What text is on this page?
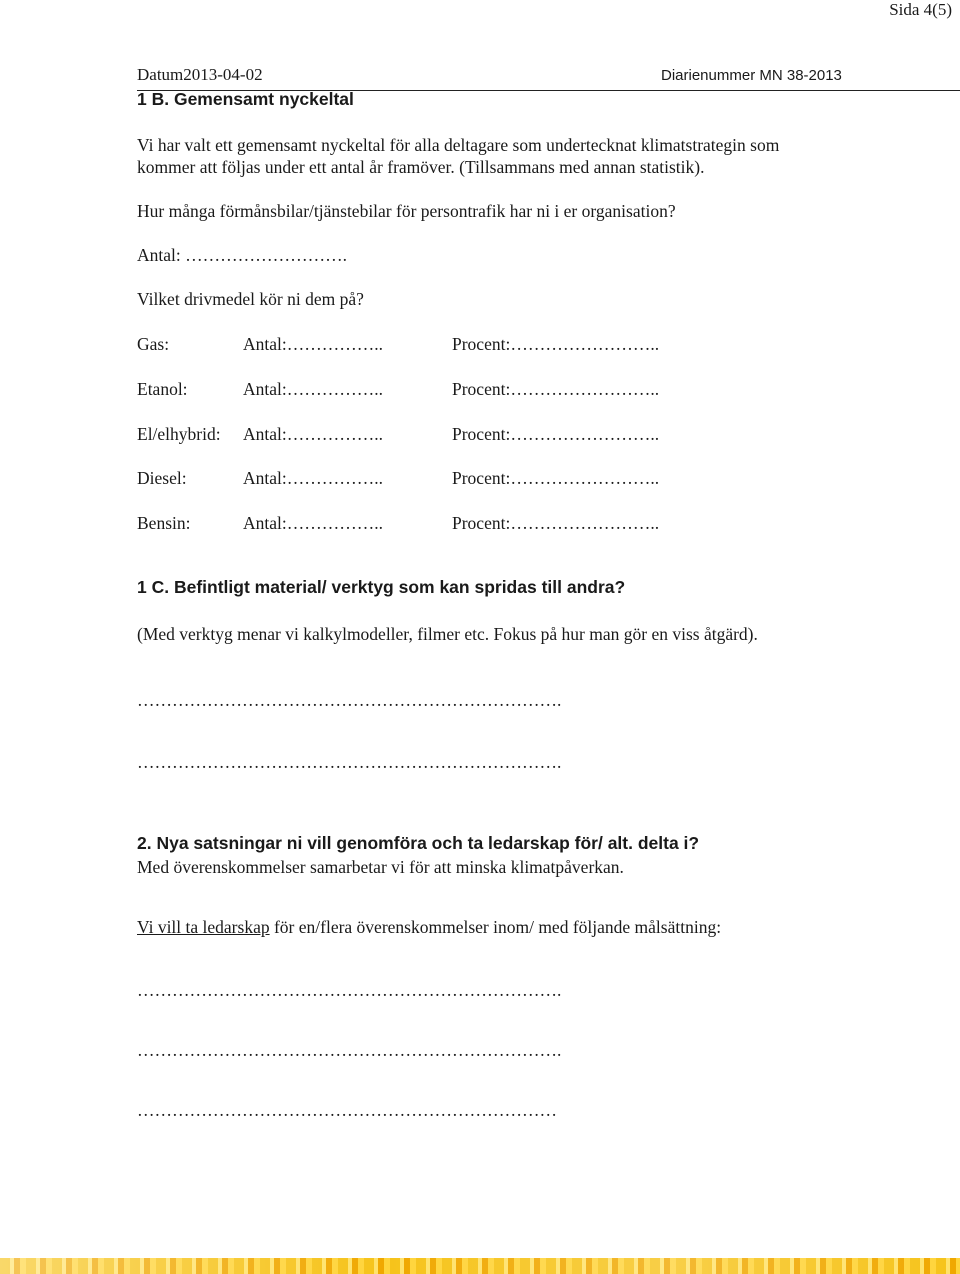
Sida 4(5)
Datum2013-04-02	Diarienummer MN 38-2013
1 B. Gemensamt nyckeltal
Vi har valt ett gemensamt nyckeltal för alla deltagare som undertecknat klimatstrategin som kommer att följas under ett antal år framöver. (Tillsammans med annan statistik).
Hur många förmånsbilar/tjänstebilar för persontrafik har ni i er organisation?
Antal: ……………………….
Vilket drivmedel kör ni dem på?
Gas:	Antal:……………..	Procent:……………………..
Etanol:	Antal:……………..	Procent:……………………..
El/elhybrid: Antal:……………..	Procent:……………………..
Diesel:	Antal:……………..	Procent:……………………..
Bensin:	Antal:……………..	Procent:……………………..
1 C. Befintligt material/ verktyg som kan spridas till andra?
(Med verktyg menar vi kalkylmodeller, filmer etc. Fokus på hur man gör en viss åtgärd).
……………………………………………………………….
……………………………………………………………….
2. Nya satsningar ni vill genomföra och ta ledarskap för/ alt. delta i?
Med överenskommelser samarbetar vi för att minska klimatpåverkan.
Vi vill ta ledarskap för en/flera överenskommelser inom/ med följande målsättning:
……………………………………………………………….
……………………………………………………………….
………………………………………………………………
